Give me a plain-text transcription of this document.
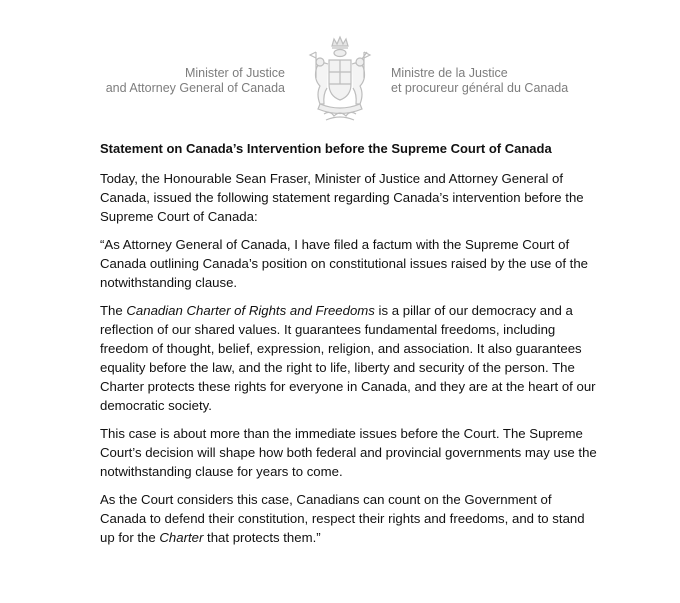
Minister of Justice
and Attorney General of Canada
Ministre de la Justice
et procureur général du Canada
Statement on Canada’s Intervention before the Supreme Court of Canada

Today, the Honourable Sean Fraser, Minister of Justice and Attorney General of Canada, issued the following statement regarding Canada’s intervention before the Supreme Court of Canada:

“As Attorney General of Canada, I have filed a factum with the Supreme Court of Canada outlining Canada’s position on constitutional issues raised by the use of the notwithstanding clause.

The Canadian Charter of Rights and Freedoms is a pillar of our democracy and a reflection of our shared values. It guarantees fundamental freedoms, including freedom of thought, belief, expression, religion, and association. It also guarantees equality before the law, and the right to life, liberty and security of the person. The Charter protects these rights for everyone in Canada, and they are at the heart of our democratic society.

This case is about more than the immediate issues before the Court. The Supreme Court’s decision will shape how both federal and provincial governments may use the notwithstanding clause for years to come.

As the Court considers this case, Canadians can count on the Government of Canada to defend their constitution, respect their rights and freedoms, and to stand up for the Charter that protects them.”
